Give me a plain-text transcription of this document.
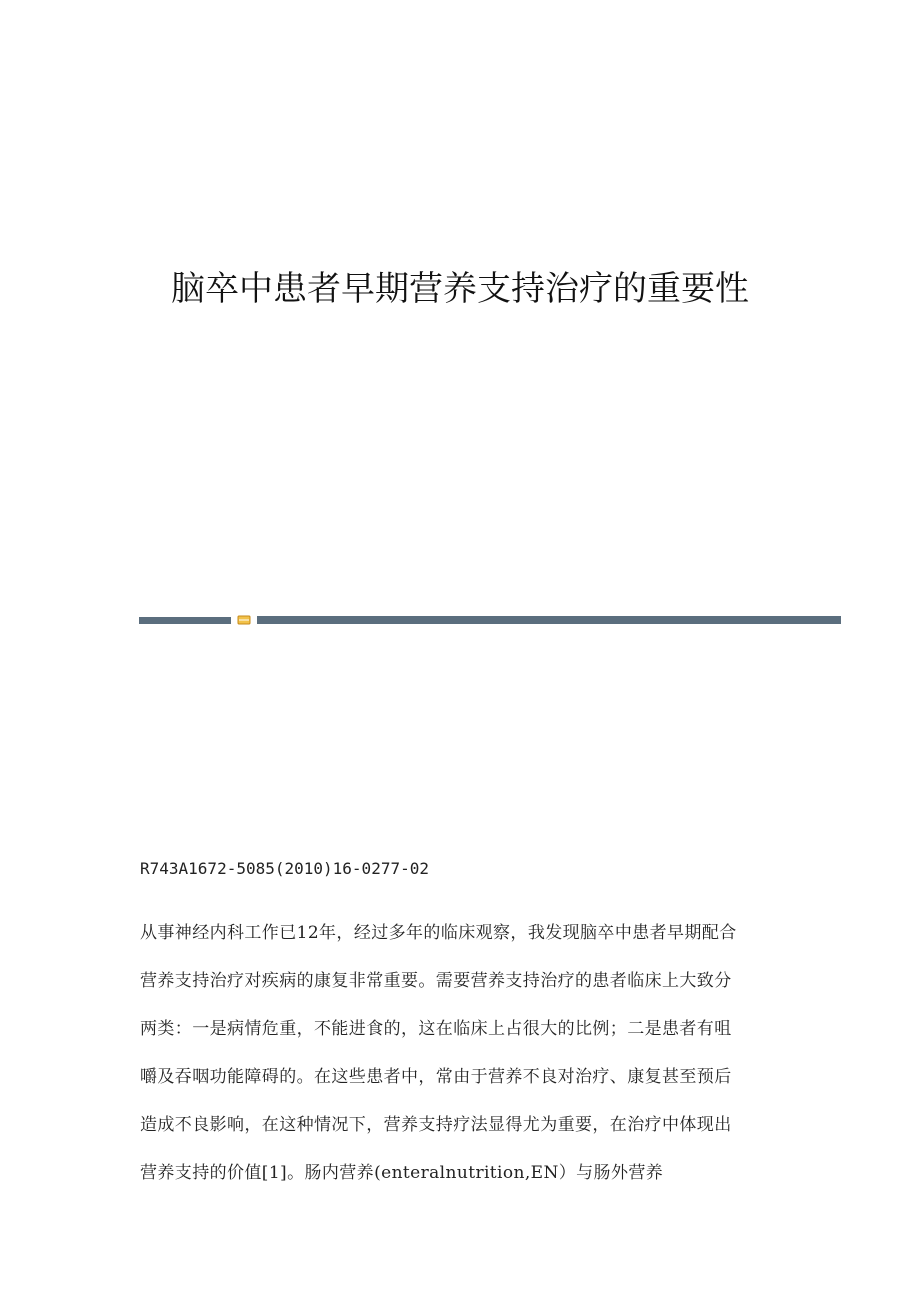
脑卒中患者早期营养支持治疗的重要性
R743A1672-5085(2010)16-0277-02
从事神经内科工作已12年，经过多年的临床观察，我发现脑卒中患者早期配合
营养支持治疗对疾病的康复非常重要。需要营养支持治疗的患者临床上大致分
两类：一是病情危重，不能进食的，这在临床上占很大的比例；二是患者有咀
嚼及吞咽功能障碍的。在这些患者中，常由于营养不良对治疗、康复甚至预后
造成不良影响，在这种情况下，营养支持疗法显得尤为重要，在治疗中体现出
营养支持的价值[1]。肠内营养(enteralnutrition,EN）与肠外营养
